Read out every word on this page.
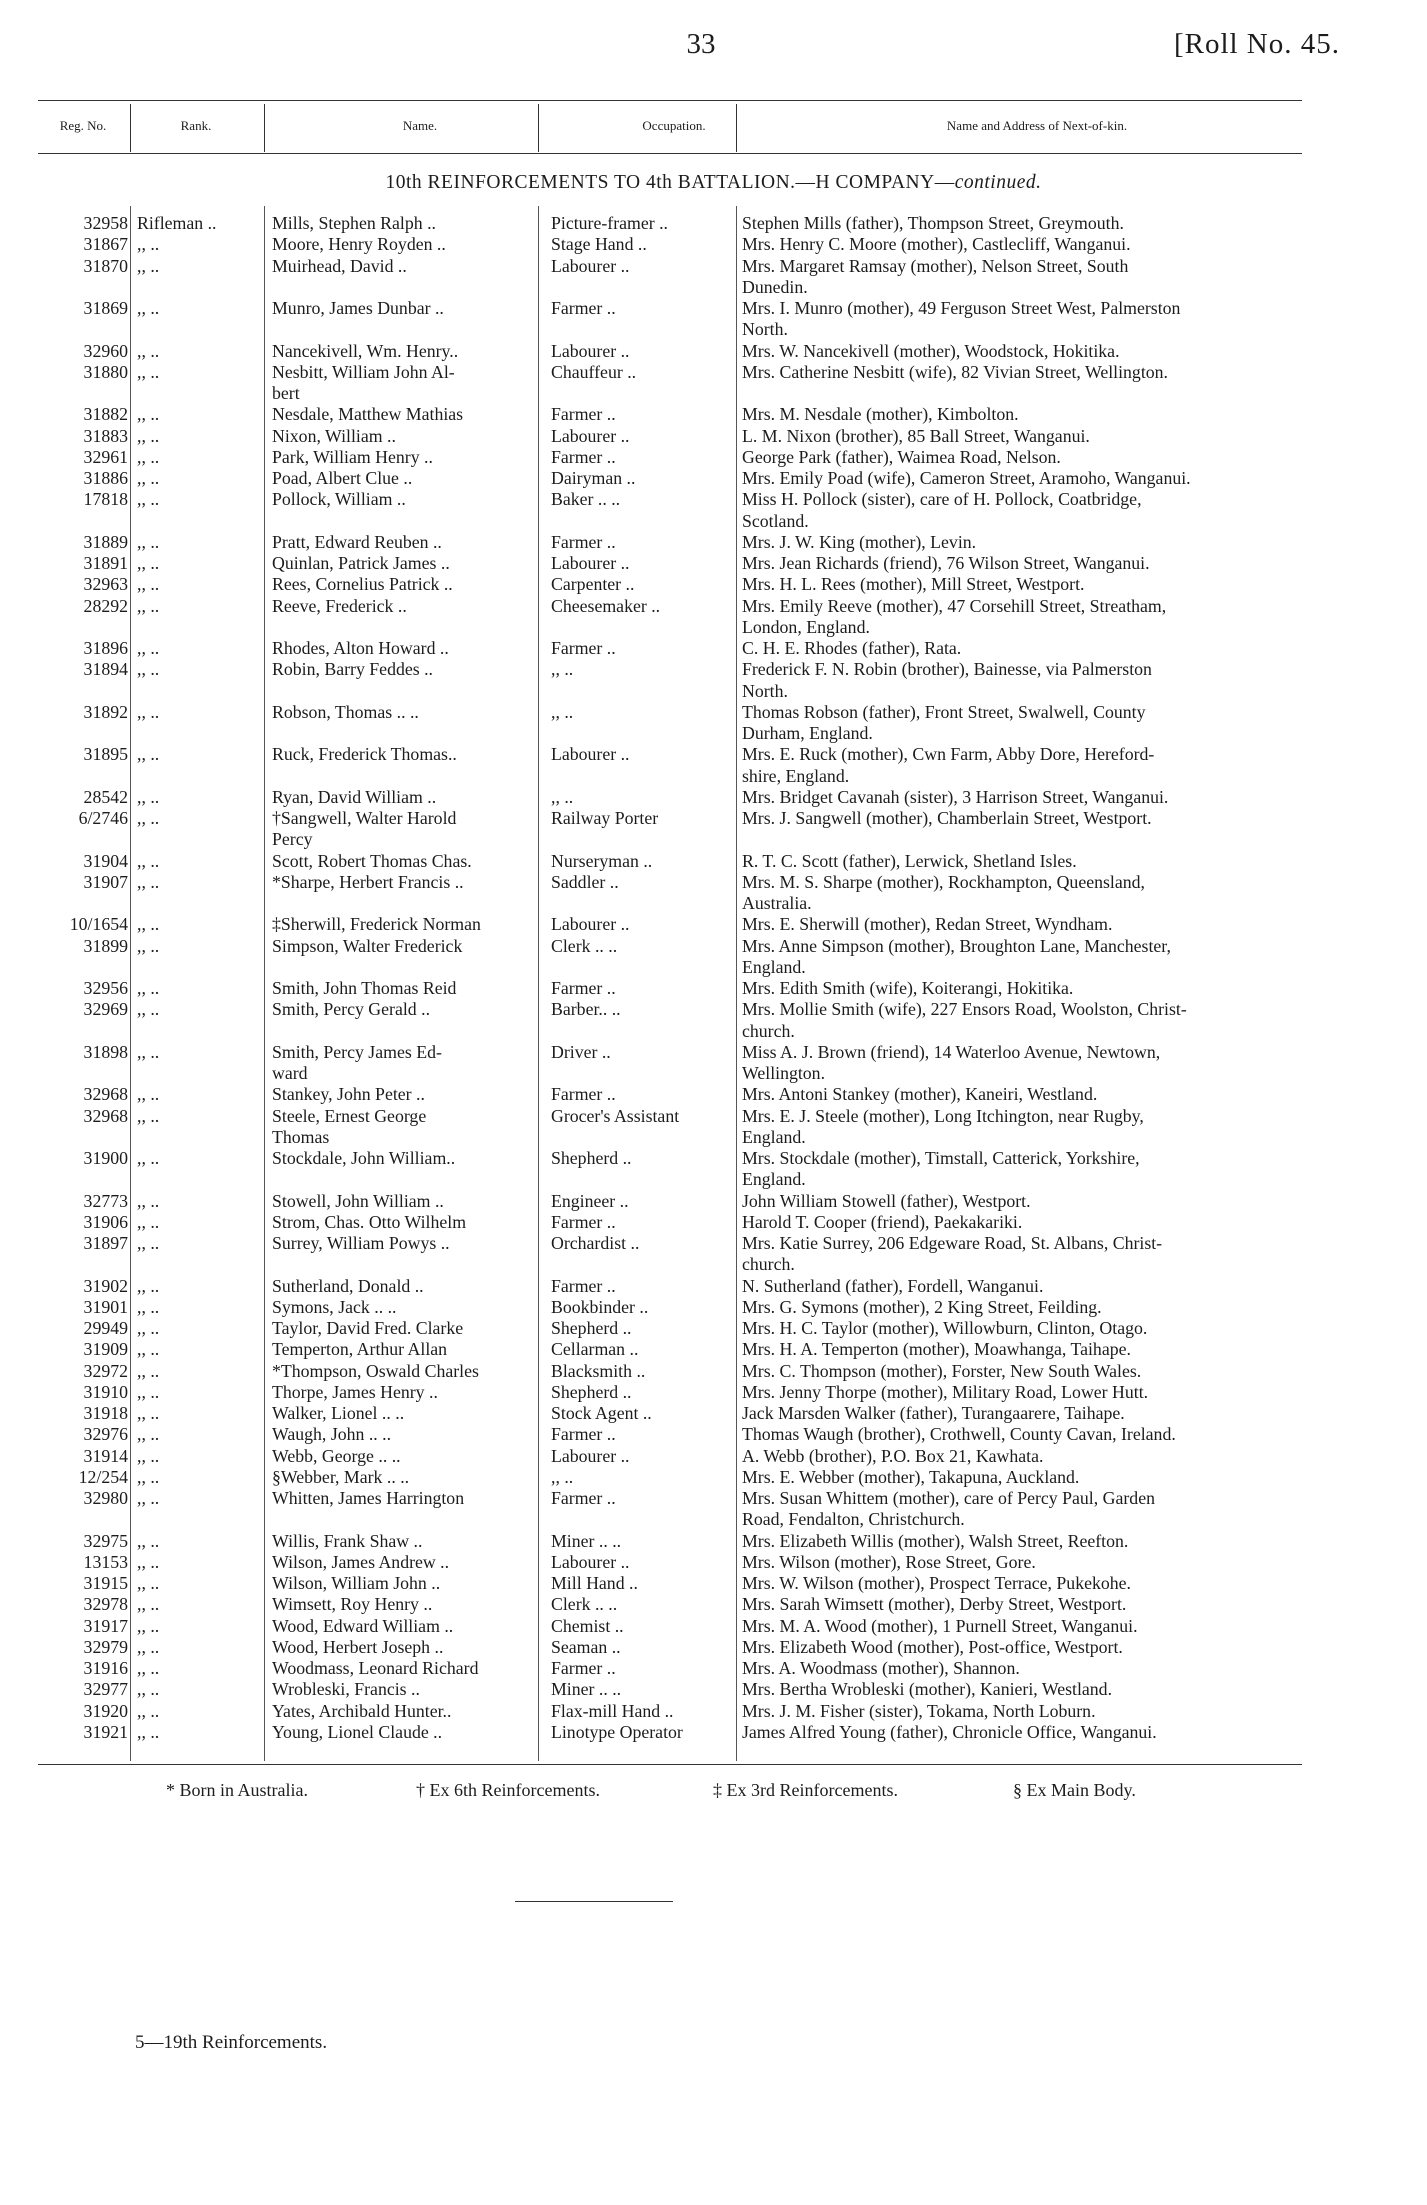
33	[Roll No. 45.
Reg. No.	Rank.	Name.	Occupation.	Name and Address of Next-of-kin.
10th REINFORCEMENTS TO 4th BATTALION.—H COMPANY—continued.
32958 Rifleman ..	Mills, Stephen Ralph ..	Picture-framer ..	Stephen Mills (father), Thompson Street, Greymouth.
31867 ,, ..	Moore, Henry Royden ..	Stage Hand ..	Mrs. Henry C. Moore (mother), Castlecliff, Wanganui.
31870 ,, ..	Muirhead, David ..	Labourer ..	Mrs. Margaret Ramsay (mother), Nelson Street, South
Dunedin.
31869 ,, ..	Munro, James Dunbar ..	Farmer ..	Mrs. I. Munro (mother), 49 Ferguson Street West, Palmerston
North.
32960 ,, ..	Nancekivell, Wm. Henry..	Labourer ..	Mrs. W. Nancekivell (mother), Woodstock, Hokitika.
31880 ,, ..	Nesbitt, William John Al-	Chauffeur ..	Mrs. Catherine Nesbitt (wife), 82 Vivian Street, Wellington.
bert
31882 ,, ..	Nesdale, Matthew Mathias	Farmer ..	Mrs. M. Nesdale (mother), Kimbolton.
31883 ,, ..	Nixon, William ..	Labourer ..	L. M. Nixon (brother), 85 Ball Street, Wanganui.
32961 ,, ..	Park, William Henry ..	Farmer ..	George Park (father), Waimea Road, Nelson.
31886 ,, ..	Poad, Albert Clue ..	Dairyman ..	Mrs. Emily Poad (wife), Cameron Street, Aramoho, Wanganui.
17818 ,, ..	Pollock, William ..	Baker .. ..	Miss H. Pollock (sister), care of H. Pollock, Coatbridge,
Scotland.
31889 ,, ..	Pratt, Edward Reuben ..	Farmer ..	Mrs. J. W. King (mother), Levin.
31891 ,, ..	Quinlan, Patrick James ..	Labourer ..	Mrs. Jean Richards (friend), 76 Wilson Street, Wanganui.
32963 ,, ..	Rees, Cornelius Patrick ..	Carpenter ..	Mrs. H. L. Rees (mother), Mill Street, Westport.
28292 ,, ..	Reeve, Frederick ..	Cheesemaker ..	Mrs. Emily Reeve (mother), 47 Corsehill Street, Streatham,
London, England.
31896 ,, ..	Rhodes, Alton Howard ..	Farmer ..	C. H. E. Rhodes (father), Rata.
31894 ,, ..	Robin, Barry Feddes ..	,, ..	Frederick F. N. Robin (brother), Bainesse, via Palmerston
North.
31892 ,, ..	Robson, Thomas .. ..	,, ..	Thomas Robson (father), Front Street, Swalwell, County
Durham, England.
31895 ,, ..	Ruck, Frederick Thomas..	Labourer ..	Mrs. E. Ruck (mother), Cwn Farm, Abby Dore, Hereford-
shire, England.
28542 ,, ..	Ryan, David William ..	,, ..	Mrs. Bridget Cavanah (sister), 3 Harrison Street, Wanganui.
6/2746 ,, ..	†Sangwell, Walter Harold	Railway Porter	Mrs. J. Sangwell (mother), Chamberlain Street, Westport.
Percy
31904 ,, ..	Scott, Robert Thomas Chas.	Nurseryman ..	R. T. C. Scott (father), Lerwick, Shetland Isles.
31907 ,, ..	*Sharpe, Herbert Francis ..	Saddler ..	Mrs. M. S. Sharpe (mother), Rockhampton, Queensland,
Australia.
10/1654 ,, ..	‡Sherwill, Frederick Norman	Labourer ..	Mrs. E. Sherwill (mother), Redan Street, Wyndham.
31899 ,, ..	Simpson, Walter Frederick	Clerk .. ..	Mrs. Anne Simpson (mother), Broughton Lane, Manchester,
England.
32956 ,, ..	Smith, John Thomas Reid	Farmer ..	Mrs. Edith Smith (wife), Koiterangi, Hokitika.
32969 ,, ..	Smith, Percy Gerald ..	Barber.. ..	Mrs. Mollie Smith (wife), 227 Ensors Road, Woolston, Christ-
church.
31898 ,, ..	Smith, Percy James Ed-	Driver ..	Miss A. J. Brown (friend), 14 Waterloo Avenue, Newtown,
ward	Wellington.
32968 ,, ..	Stankey, John Peter ..	Farmer ..	Mrs. Antoni Stankey (mother), Kaneiri, Westland.
32968 ,, ..	Steele, Ernest George	Grocer's Assistant	Mrs. E. J. Steele (mother), Long Itchington, near Rugby,
Thomas	England.
31900 ,, ..	Stockdale, John William..	Shepherd ..	Mrs. Stockdale (mother), Timstall, Catterick, Yorkshire,
England.
32773 ,, ..	Stowell, John William ..	Engineer ..	John William Stowell (father), Westport.
31906 ,, ..	Strom, Chas. Otto Wilhelm	Farmer ..	Harold T. Cooper (friend), Paekakariki.
31897 ,, ..	Surrey, William Powys ..	Orchardist ..	Mrs. Katie Surrey, 206 Edgeware Road, St. Albans, Christ-
church.
31902 ,, ..	Sutherland, Donald ..	Farmer ..	N. Sutherland (father), Fordell, Wanganui.
31901 ,, ..	Symons, Jack .. ..	Bookbinder ..	Mrs. G. Symons (mother), 2 King Street, Feilding.
29949 ,, ..	Taylor, David Fred. Clarke	Shepherd ..	Mrs. H. C. Taylor (mother), Willowburn, Clinton, Otago.
31909 ,, ..	Temperton, Arthur Allan	Cellarman ..	Mrs. H. A. Temperton (mother), Moawhanga, Taihape.
32972 ,, ..	*Thompson, Oswald Charles	Blacksmith ..	Mrs. C. Thompson (mother), Forster, New South Wales.
31910 ,, ..	Thorpe, James Henry ..	Shepherd ..	Mrs. Jenny Thorpe (mother), Military Road, Lower Hutt.
31918 ,, ..	Walker, Lionel .. ..	Stock Agent ..	Jack Marsden Walker (father), Turangaarere, Taihape.
32976 ,, ..	Waugh, John .. ..	Farmer ..	Thomas Waugh (brother), Crothwell, County Cavan, Ireland.
31914 ,, ..	Webb, George .. ..	Labourer ..	A. Webb (brother), P.O. Box 21, Kawhata.
12/254 ,, ..	§Webber, Mark .. ..	,, ..	Mrs. E. Webber (mother), Takapuna, Auckland.
32980 ,, ..	Whitten, James Harrington	Farmer ..	Mrs. Susan Whittem (mother), care of Percy Paul, Garden
Road, Fendalton, Christchurch.
32975 ,, ..	Willis, Frank Shaw ..	Miner .. ..	Mrs. Elizabeth Willis (mother), Walsh Street, Reefton.
13153 ,, ..	Wilson, James Andrew ..	Labourer ..	Mrs. Wilson (mother), Rose Street, Gore.
31915 ,, ..	Wilson, William John ..	Mill Hand ..	Mrs. W. Wilson (mother), Prospect Terrace, Pukekohe.
32978 ,, ..	Wimsett, Roy Henry ..	Clerk .. ..	Mrs. Sarah Wimsett (mother), Derby Street, Westport.
31917 ,, ..	Wood, Edward William ..	Chemist ..	Mrs. M. A. Wood (mother), 1 Purnell Street, Wanganui.
32979 ,, ..	Wood, Herbert Joseph ..	Seaman ..	Mrs. Elizabeth Wood (mother), Post-office, Westport.
31916 ,, ..	Woodmass, Leonard Richard	Farmer ..	Mrs. A. Woodmass (mother), Shannon.
32977 ,, ..	Wrobleski, Francis ..	Miner .. ..	Mrs. Bertha Wrobleski (mother), Kanieri, Westland.
31920 ,, ..	Yates, Archibald Hunter..	Flax-mill Hand ..	Mrs. J. M. Fisher (sister), Tokama, North Loburn.
31921 ,, ..	Young, Lionel Claude ..	Linotype Operator	James Alfred Young (father), Chronicle Office, Wanganui.
* Born in Australia.	† Ex 6th Reinforcements.	‡ Ex 3rd Reinforcements.	§ Ex Main Body.
5—19th Reinforcements.
